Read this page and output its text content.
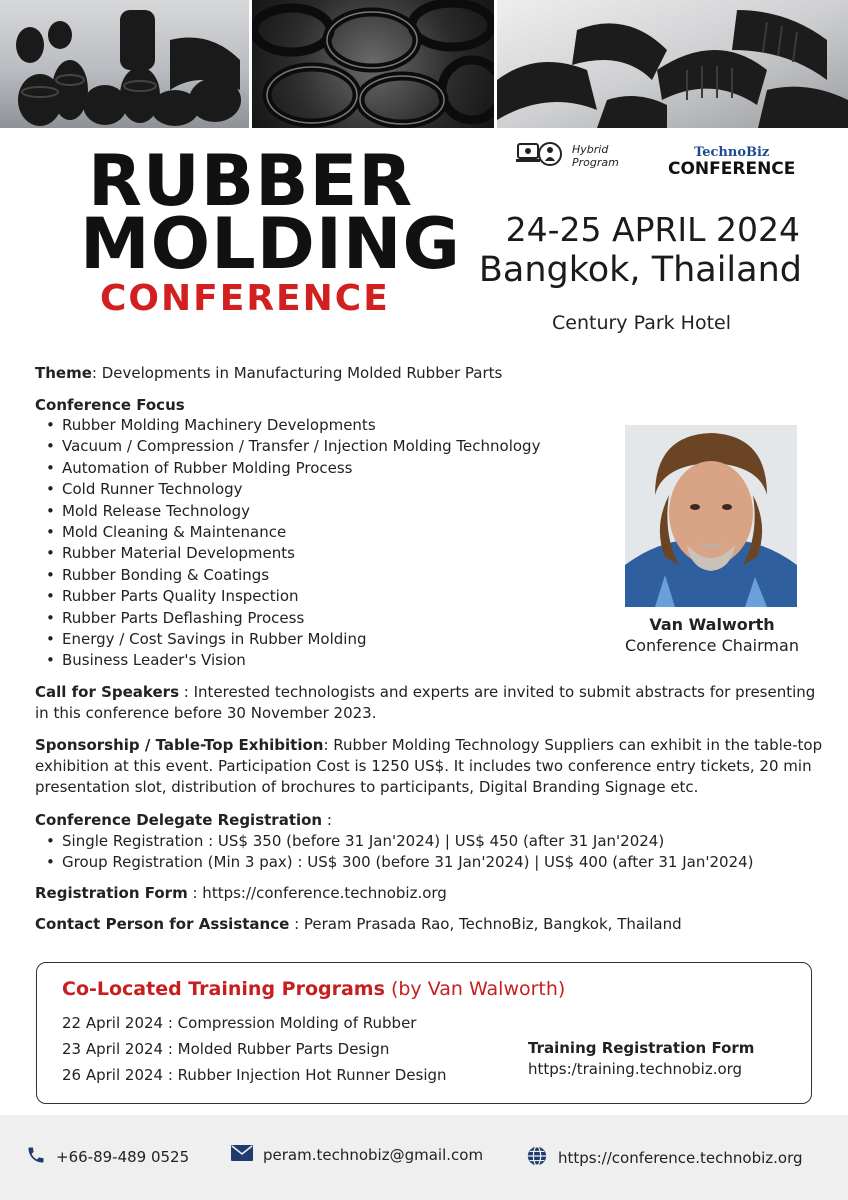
RUBBER
MOLDING
CONFERENCE
Hybrid
Program
TechnoBiz
CONFERENCE
24-25 APRIL 2024
Bangkok, Thailand
Century Park Hotel
Theme: Developments in Manufacturing Molded Rubber Parts
Conference Focus
• Rubber Molding Machinery Developments
• Vacuum / Compression / Transfer / Injection Molding Technology
• Automation of Rubber Molding Process
• Cold Runner Technology
• Mold Release Technology
• Mold Cleaning & Maintenance
• Rubber Material Developments
• Rubber Bonding & Coatings
• Rubber Parts Quality Inspection
• Rubber Parts Deflashing Process
• Energy / Cost Savings in Rubber Molding
• Business Leader's Vision
Van Walworth
Conference Chairman
Call for Speakers : Interested technologists and experts are invited to submit abstracts for presenting in this conference before 30 November 2023.
Sponsorship / Table-Top Exhibition: Rubber Molding Technology Suppliers can exhibit in the table-top exhibition at this event. Participation Cost is 1250 US$. It includes two conference entry tickets, 20 min presentation slot, distribution of brochures to participants, Digital Branding Signage etc.
Conference Delegate Registration :
• Single Registration : US$ 350 (before 31 Jan'2024) | US$ 450 (after 31 Jan'2024)
• Group Registration (Min 3 pax) : US$ 300 (before 31 Jan'2024) | US$ 400 (after 31 Jan'2024)
Registration Form : https://conference.technobiz.org
Contact Person for Assistance : Peram Prasada Rao, TechnoBiz, Bangkok, Thailand
Co-Located Training Programs (by Van Walworth)
22 April 2024 : Compression Molding of Rubber
23 April 2024 : Molded Rubber Parts Design
26 April 2024 : Rubber Injection Hot Runner Design
Training Registration Form
https:/training.technobiz.org
+66-89-489 0525	peram.technobiz@gmail.com	https://conference.technobiz.org
